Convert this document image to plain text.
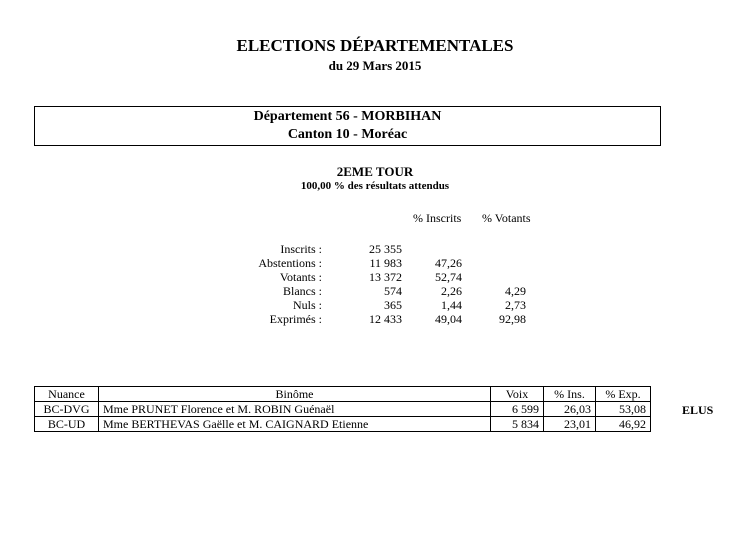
ELECTIONS DÉPARTEMENTALES
du 29 Mars 2015
Département 56 - MORBIHAN
Canton 10 - Moréac
2EME TOUR
100,00 % des résultats attendus
% Inscrits % Votants
Inscrits :	25 355
Abstentions :	11 983	47,26
Votants :	13 372	52,74
Blancs :	574	2,26	4,29
Nuls :	365	1,44	2,73
Exprimés :	12 433	49,04	92,98
Nuance	Binôme	Voix	% Ins.	% Exp.
BC-DVG	Mme PRUNET Florence et M. ROBIN Guénaël	6 599	26,03	53,08
BC-UD	Mme BERTHEVAS Gaëlle et M. CAIGNARD Etienne	5 834	23,01	46,92
ELUS
